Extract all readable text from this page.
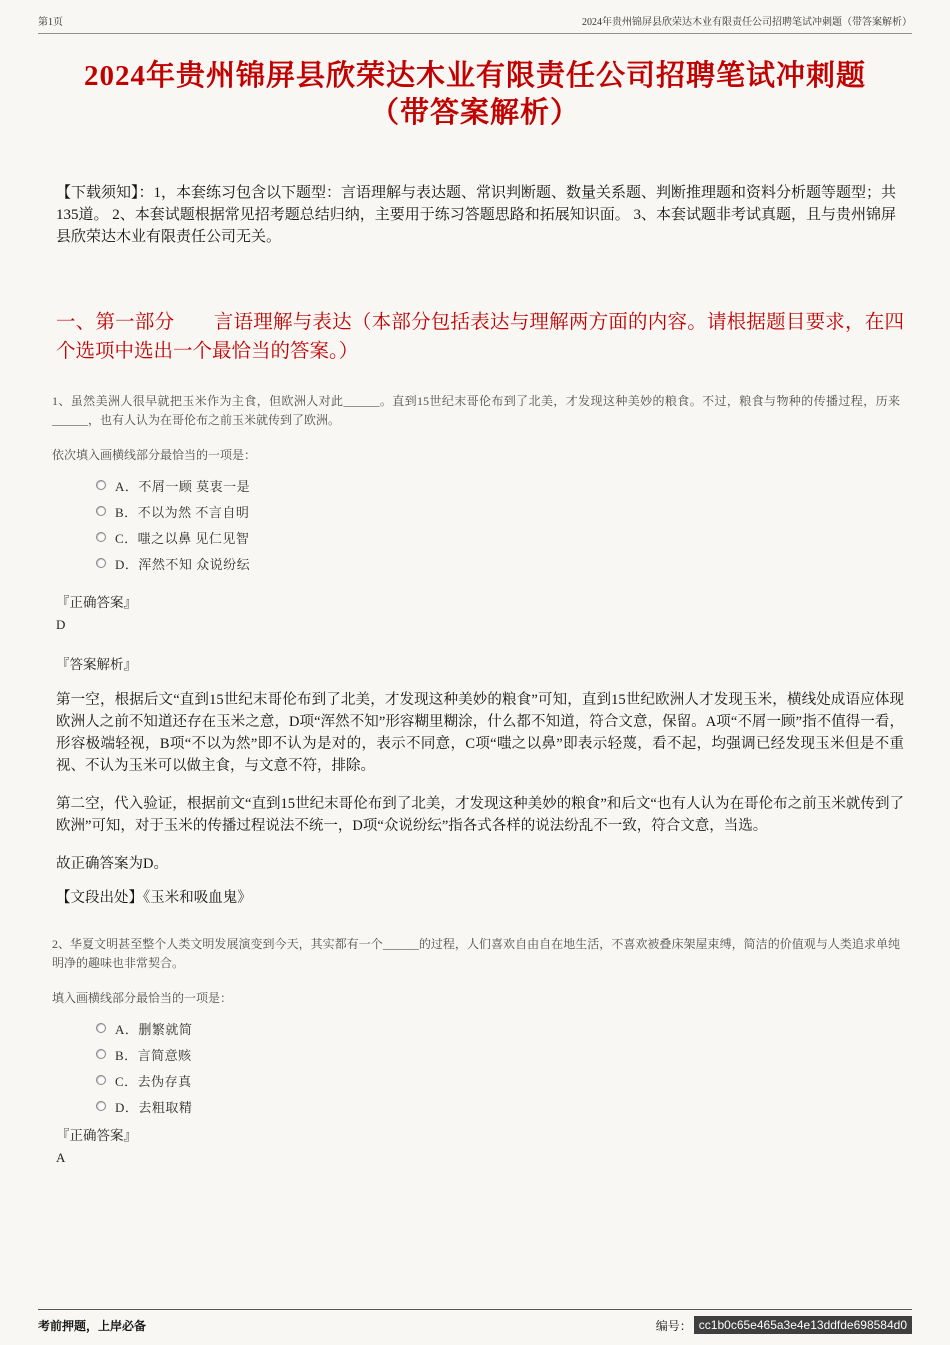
第1页	2024年贵州锦屏县欣荣达木业有限责任公司招聘笔试冲刺题（带答案解析）
2024年贵州锦屏县欣荣达木业有限责任公司招聘笔试冲刺题
（带答案解析）

【下载须知】：1，本套练习包含以下题型：言语理解与表达题、常识判断题、数量关系题、判断推理题和资料分析题等题型；共135道。 2、本套试题根据常见招考题总结归纳，主要用于练习答题思路和拓展知识面。 3、本套试题非考试真题，且与贵州锦屏县欣荣达木业有限责任公司无关。

一、第一部分　　言语理解与表达（本部分包括表达与理解两方面的内容。请根据题目要求，在四个选项中选出一个最恰当的答案。）

1、虽然美洲人很早就把玉米作为主食，但欧洲人对此______。直到15世纪末哥伦布到了北美，才发现这种美妙的粮食。不过，粮食与物种的传播过程，历来______，也有人认为在哥伦布之前玉米就传到了欧洲。

依次填入画横线部分最恰当的一项是：

A．不屑一顾 莫衷一是
B．不以为然 不言自明
C．嗤之以鼻 见仁见智
D．浑然不知 众说纷纭

『正确答案』

D

『答案解析』

第一空，根据后文“直到15世纪末哥伦布到了北美，才发现这种美妙的粮食”可知，直到15世纪欧洲人才发现玉米，横线处成语应体现欧洲人之前不知道还存在玉米之意，D项“浑然不知”形容糊里糊涂，什么都不知道，符合文意，保留。A项“不屑一顾”指不值得一看，形容极端轻视，B项“不以为然”即不认为是对的，表示不同意，C项“嗤之以鼻”即表示轻蔑，看不起，均强调已经发现玉米但是不重视、不认为玉米可以做主食，与文意不符，排除。

第二空，代入验证，根据前文“直到15世纪末哥伦布到了北美，才发现这种美妙的粮食”和后文“也有人认为在哥伦布之前玉米就传到了欧洲”可知，对于玉米的传播过程说法不统一，D项“众说纷纭”指各式各样的说法纷乱不一致，符合文意，当选。

故正确答案为D。

【文段出处】《玉米和吸血鬼》

2、华夏文明甚至整个人类文明发展演变到今天，其实都有一个______的过程，人们喜欢自由自在地生活，不喜欢被叠床架屋束缚，简洁的价值观与人类追求单纯明净的趣味也非常契合。

填入画横线部分最恰当的一项是：

A．删繁就简
B．言简意赅
C．去伪存真
D．去粗取精

『正确答案』

A

考前押题，上岸必备	编号： cc1b0c65e465a3e4e13ddfde698584d0
